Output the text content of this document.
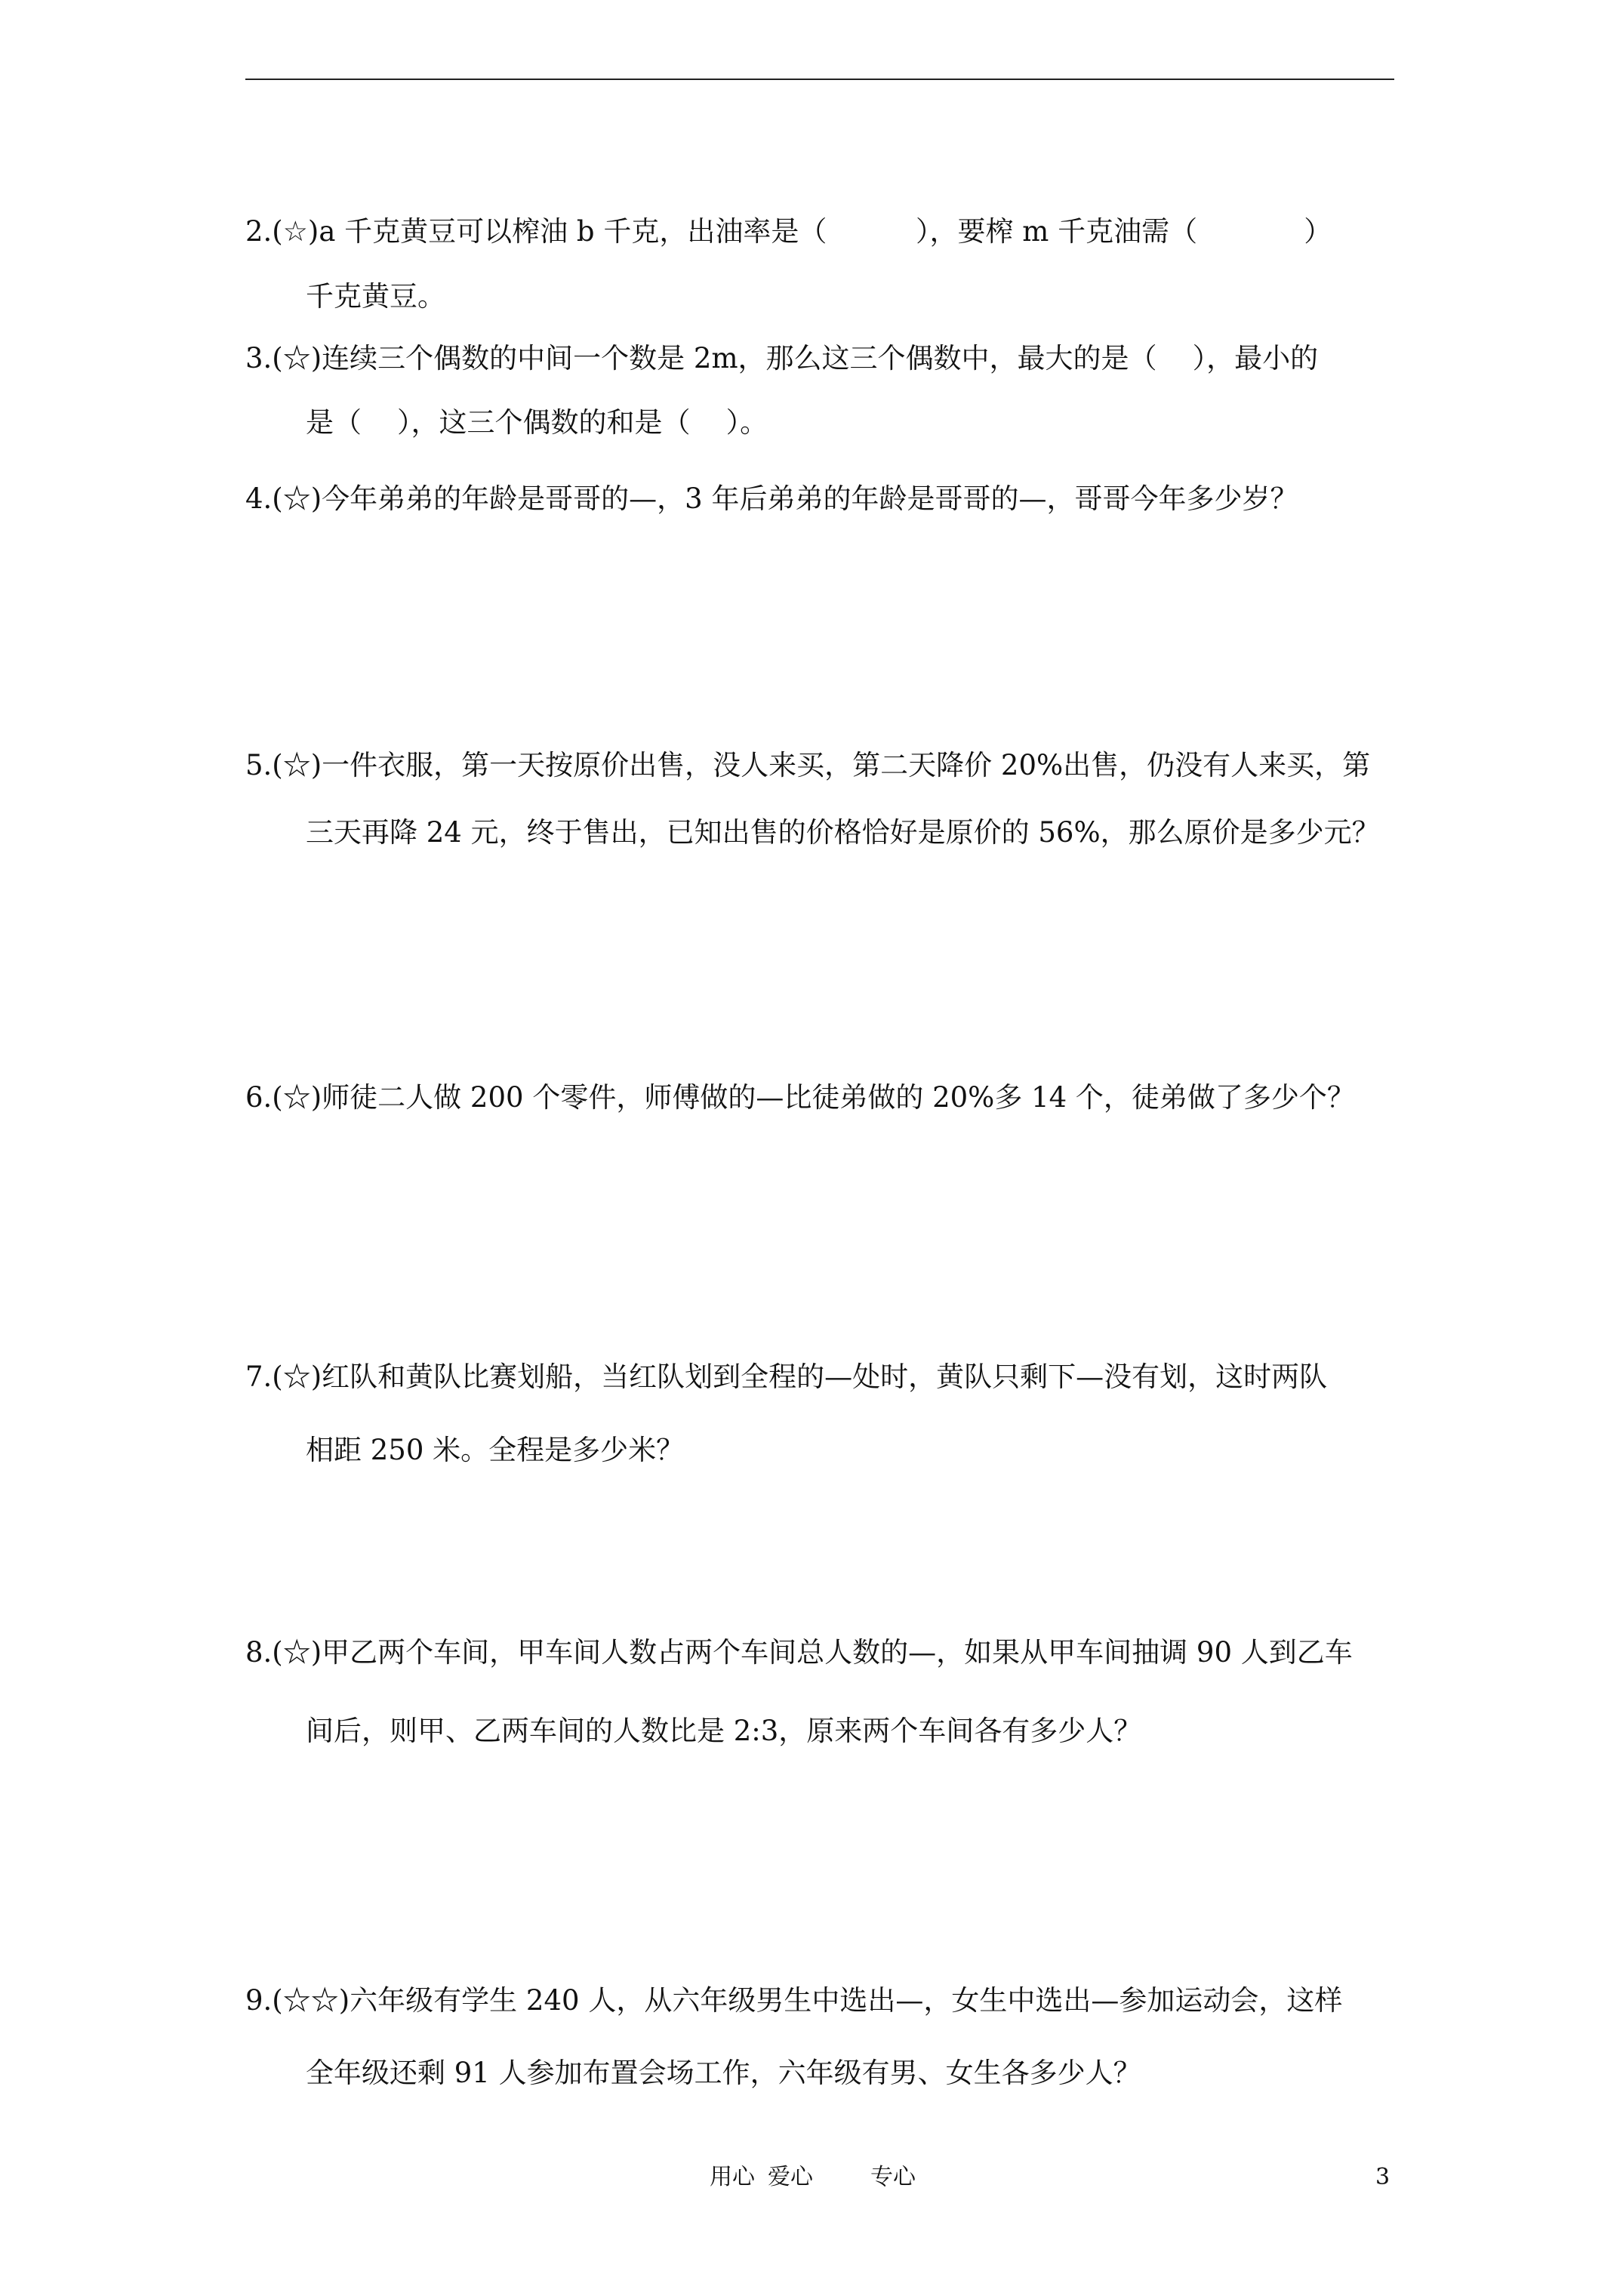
2.(☆)a 千克黄豆可以榨油 b 千克，出油率是（          ），要榨 m 千克油需（            ）
千克黄豆。
3.(☆)连续三个偶数的中间一个数是 2m，那么这三个偶数中，最大的是（    ），最小的
是（    ），这三个偶数的和是（    ）。
4.(☆)今年弟弟的年龄是哥哥的—，3 年后弟弟的年龄是哥哥的—，哥哥今年多少岁？
5.(☆)一件衣服，第一天按原价出售，没人来买，第二天降价 20%出售，仍没有人来买，第
三天再降 24 元，终于售出，已知出售的价格恰好是原价的 56%，那么原价是多少元？
6.(☆)师徒二人做 200 个零件，师傅做的—比徒弟做的 20%多 14 个，徒弟做了多少个？
7.(☆)红队和黄队比赛划船，当红队划到全程的—处时，黄队只剩下—没有划，这时两队
相距 250 米。全程是多少米？
8.(☆)甲乙两个车间，甲车间人数占两个车间总人数的—，如果从甲车间抽调 90 人到乙车
间后，则甲、乙两车间的人数比是 2:3，原来两个车间各有多少人？
9.(☆☆)六年级有学生 240 人，从六年级男生中选出—，女生中选出—参加运动会，这样
全年级还剩 91 人参加布置会场工作，六年级有男、女生各多少人？
用心 爱心	专心	3
